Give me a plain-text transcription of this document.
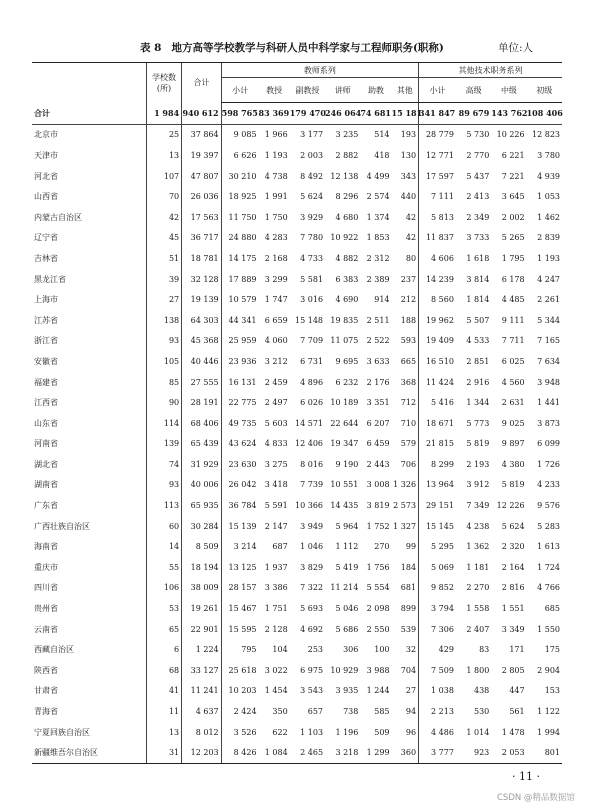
表 8 地方高等学校教学与科研人员中科学家与工程师职务(职称)	单位:人
	学校数(所)	合计	教师系列						其他技术职务系列			
			小计	教授	副教授	讲师	助教	其他	小计	高级	中级	初级
合计	1 984	940 612	598 765	83 369	179 470	246 064	74 681	15 181	341 847	89 679	143 762	108 406
北京市	25	37 864	9 085	1 966	3 177	3 235	514	193	28 779	5 730	10 226	12 823
天津市	13	19 397	6 626	1 193	2 003	2 882	418	130	12 771	2 770	6 221	3 780
河北省	107	47 807	30 210	4 738	8 492	12 138	4 499	343	17 597	5 437	7 221	4 939
山西省	70	26 036	18 925	1 991	5 624	8 296	2 574	440	7 111	2 413	3 645	1 053
内蒙古自治区	42	17 563	11 750	1 750	3 929	4 680	1 374	42	5 813	2 349	2 002	1 462
辽宁省	45	36 717	24 880	4 283	7 780	10 922	1 853	42	11 837	3 733	5 265	2 839
吉林省	51	18 781	14 175	2 168	4 733	4 882	2 312	80	4 606	1 618	1 795	1 193
黑龙江省	39	32 128	17 889	3 299	5 581	6 383	2 389	237	14 239	3 814	6 178	4 247
上海市	27	19 139	10 579	1 747	3 016	4 690	914	212	8 560	1 814	4 485	2 261
江苏省	138	64 303	44 341	6 659	15 148	19 835	2 511	188	19 962	5 507	9 111	5 344
浙江省	93	45 368	25 959	4 060	7 709	11 075	2 522	593	19 409	4 533	7 711	7 165
安徽省	105	40 446	23 936	3 212	6 731	9 695	3 633	665	16 510	2 851	6 025	7 634
福建省	85	27 555	16 131	2 459	4 896	6 232	2 176	368	11 424	2 916	4 560	3 948
江西省	90	28 191	22 775	2 497	6 026	10 189	3 351	712	5 416	1 344	2 631	1 441
山东省	114	68 406	49 735	5 603	14 571	22 644	6 207	710	18 671	5 773	9 025	3 873
河南省	139	65 439	43 624	4 833	12 406	19 347	6 459	579	21 815	5 819	9 897	6 099
湖北省	74	31 929	23 630	3 275	8 016	9 190	2 443	706	8 299	2 193	4 380	1 726
湖南省	93	40 006	26 042	3 418	7 739	10 551	3 008	1 326	13 964	3 912	5 819	4 233
广东省	113	65 935	36 784	5 591	10 366	14 435	3 819	2 573	29 151	7 349	12 226	9 576
广西壮族自治区	60	30 284	15 139	2 147	3 949	5 964	1 752	1 327	15 145	4 238	5 624	5 283
海南省	14	8 509	3 214	687	1 046	1 112	270	99	5 295	1 362	2 320	1 613
重庆市	55	18 194	13 125	1 937	3 829	5 419	1 756	184	5 069	1 181	2 164	1 724
四川省	106	38 009	28 157	3 386	7 322	11 214	5 554	681	9 852	2 270	2 816	4 766
贵州省	53	19 261	15 467	1 751	5 693	5 046	2 098	899	3 794	1 558	1 551	685
云南省	65	22 901	15 595	2 128	4 692	5 686	2 550	539	7 306	2 407	3 349	1 550
西藏自治区	6	1 224	795	104	253	306	100	32	429	83	171	175
陕西省	68	33 127	25 618	3 022	6 975	10 929	3 988	704	7 509	1 800	2 805	2 904
甘肃省	41	11 241	10 203	1 454	3 543	3 935	1 244	27	1 038	438	447	153
青海省	11	4 637	2 424	350	657	738	585	94	2 213	530	561	1 122
宁夏回族自治区	13	8 012	3 526	622	1 103	1 196	509	96	4 486	1 014	1 478	1 994
新疆维吾尔自治区	31	12 203	8 426	1 084	2 465	3 218	1 299	360	3 777	923	2 053	801
· 11 ·
CSDN @精品数据馆
